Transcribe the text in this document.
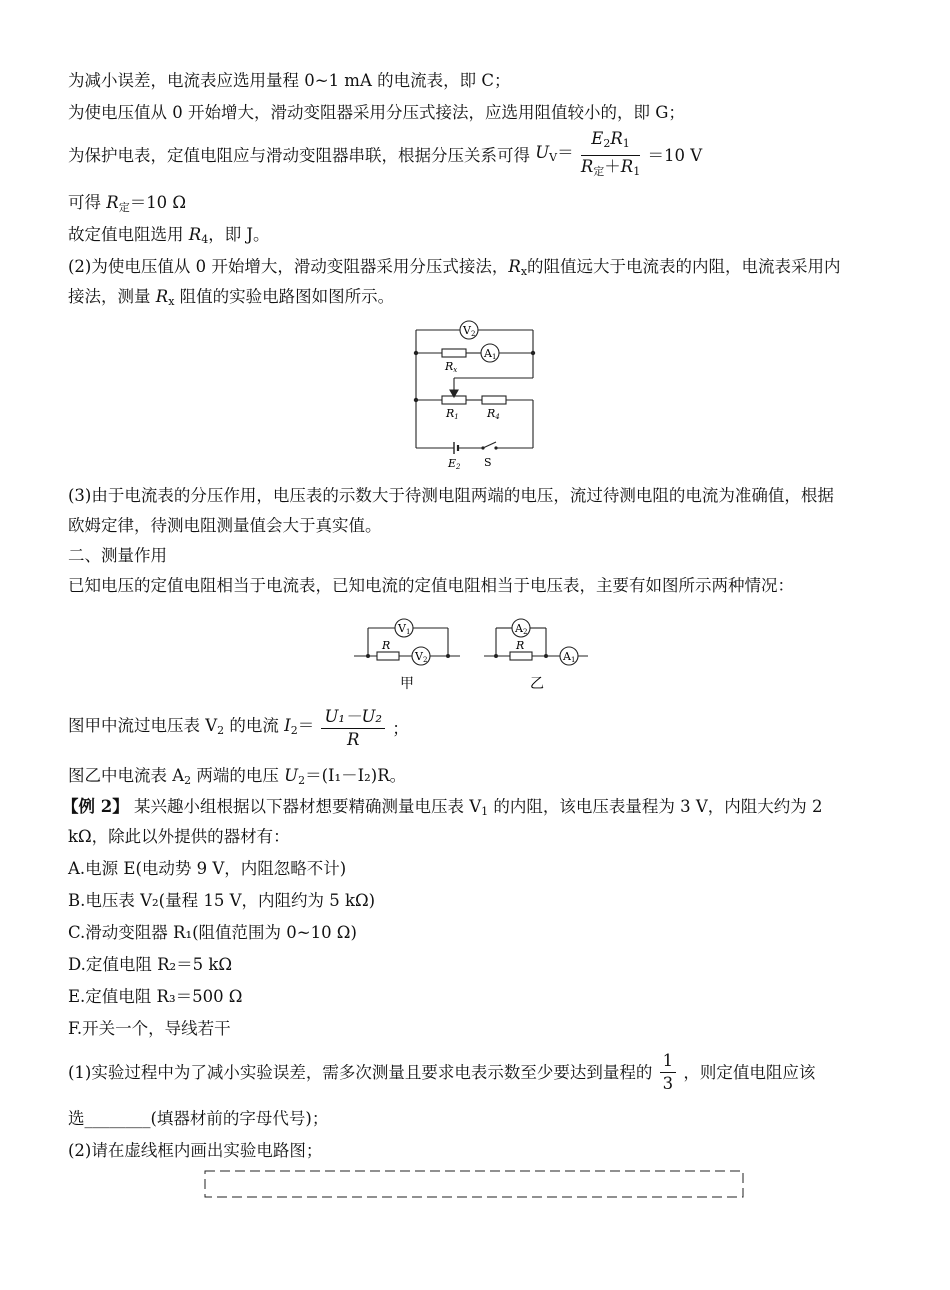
为减小误差，电流表应选用量程 0~1 mA 的电流表，即 C；
为使电压值从 0 开始增大，滑动变阻器采用分压式接法，应选用阻值较小的，即 G；
为保护电表，定值电阻应与滑动变阻器串联，根据分压关系可得 $U_V= \frac{E_2R_1}{R_定+R_1} =10$ V
可得 $R_定=10$ Ω
故定值电阻选用 $R_4$，即 J。
(2)为使电压值从 0 开始增大，滑动变阻器采用分压式接法，$R_x$的阻值远大于电流表的内阻，电流表采用内
接法，测量 $R_x$ 阻值的实验电路图如图所示。
V2
A1
Rx
R1	R4
E2 S
(3)由于电流表的分压作用，电压表的示数大于待测电阻两端的电压，流过待测电阻的电流为准确值，根据
欧姆定律，待测电阻测量值会大于真实值。
二、测量作用
已知电压的定值电阻相当于电流表，已知电流的定值电阻相当于电压表，主要有如图所示两种情况：
V1
R
V2
A2
R
A1
甲	乙
图甲中流过电压表 $V_2$ 的电流 $I_2= \frac{\text{U₁－U₂}}{R}$ ；
图乙中电流表 $A_2$ 两端的电压 $U_2=(I_1-I_2)R$。
【例 2】 某兴趣小组根据以下器材想要精确测量电压表 $V_1$ 的内阻，该电压表量程为 3 V，内阻大约为 2
kΩ，除此以外提供的器材有：
A.电源 E(电动势 9 V，内阻忽略不计)
B.电压表 V₂(量程 15 V，内阻约为 5 kΩ)
C.滑动变阻器 R₁(阻值范围为 0~10 Ω)
D.定值电阻 R₂＝5 kΩ
E.定值电阻 R₃＝500 Ω
F.开关一个，导线若干
(1)实验过程中为了减小实验误差，需多次测量且要求电表示数至少要达到量程的 $\frac{1}{3}$ ，则定值电阻应该
选________(填器材前的字母代号)；
(2)请在虚线框内画出实验电路图；
